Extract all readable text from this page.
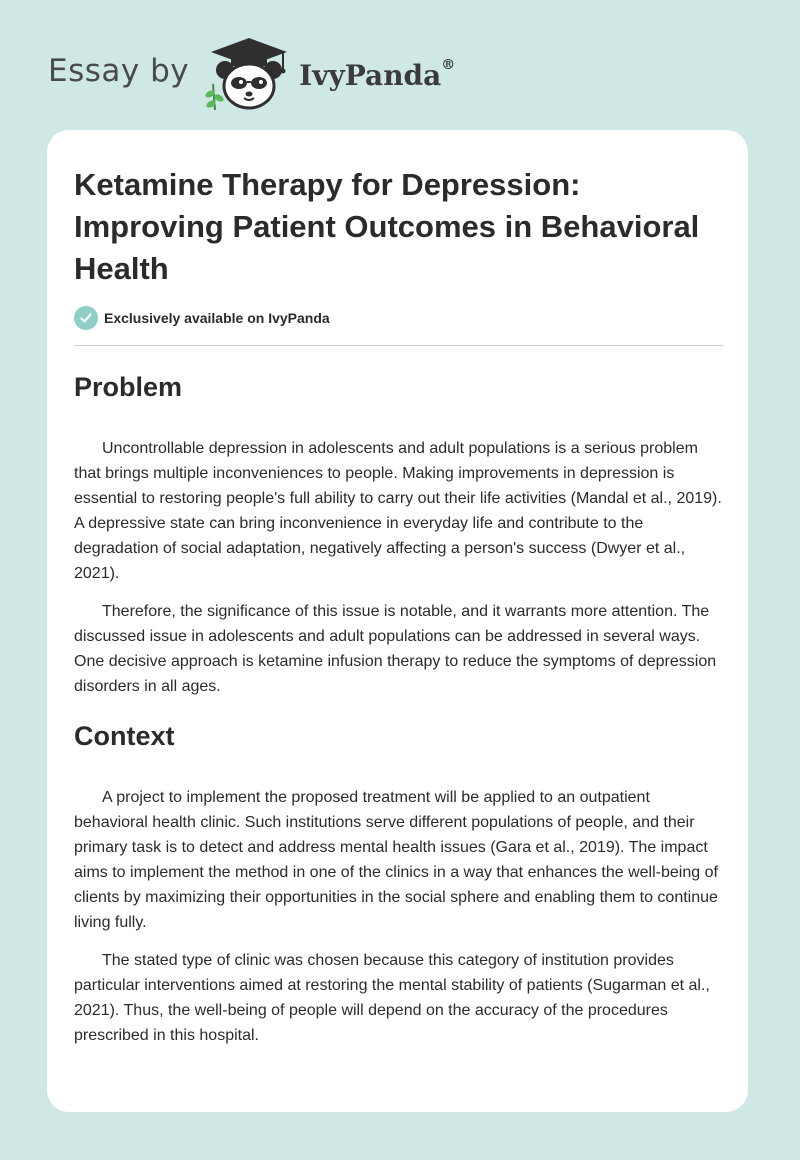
Essay by	IvyPanda®
Ketamine Therapy for Depression: Improving Patient Outcomes in Behavioral Health
Exclusively available on IvyPanda
Problem

Uncontrollable depression in adolescents and adult populations is a serious problem that brings multiple inconveniences to people. Making improvements in depression is essential to restoring people's full ability to carry out their life activities (Mandal et al., 2019). A depressive state can bring inconvenience in everyday life and contribute to the degradation of social adaptation, negatively affecting a person's success (Dwyer et al., 2021).

Therefore, the significance of this issue is notable, and it warrants more attention. The discussed issue in adolescents and adult populations can be addressed in several ways. One decisive approach is ketamine infusion therapy to reduce the symptoms of depression disorders in all ages.

Context

A project to implement the proposed treatment will be applied to an outpatient behavioral health clinic. Such institutions serve different populations of people, and their primary task is to detect and address mental health issues (Gara et al., 2019). The impact aims to implement the method in one of the clinics in a way that enhances the well-being of clients by maximizing their opportunities in the social sphere and enabling them to continue living fully.

The stated type of clinic was chosen because this category of institution provides particular interventions aimed at restoring the mental stability of patients (Sugarman et al., 2021). Thus, the well-being of people will depend on the accuracy of the procedures prescribed in this hospital.
